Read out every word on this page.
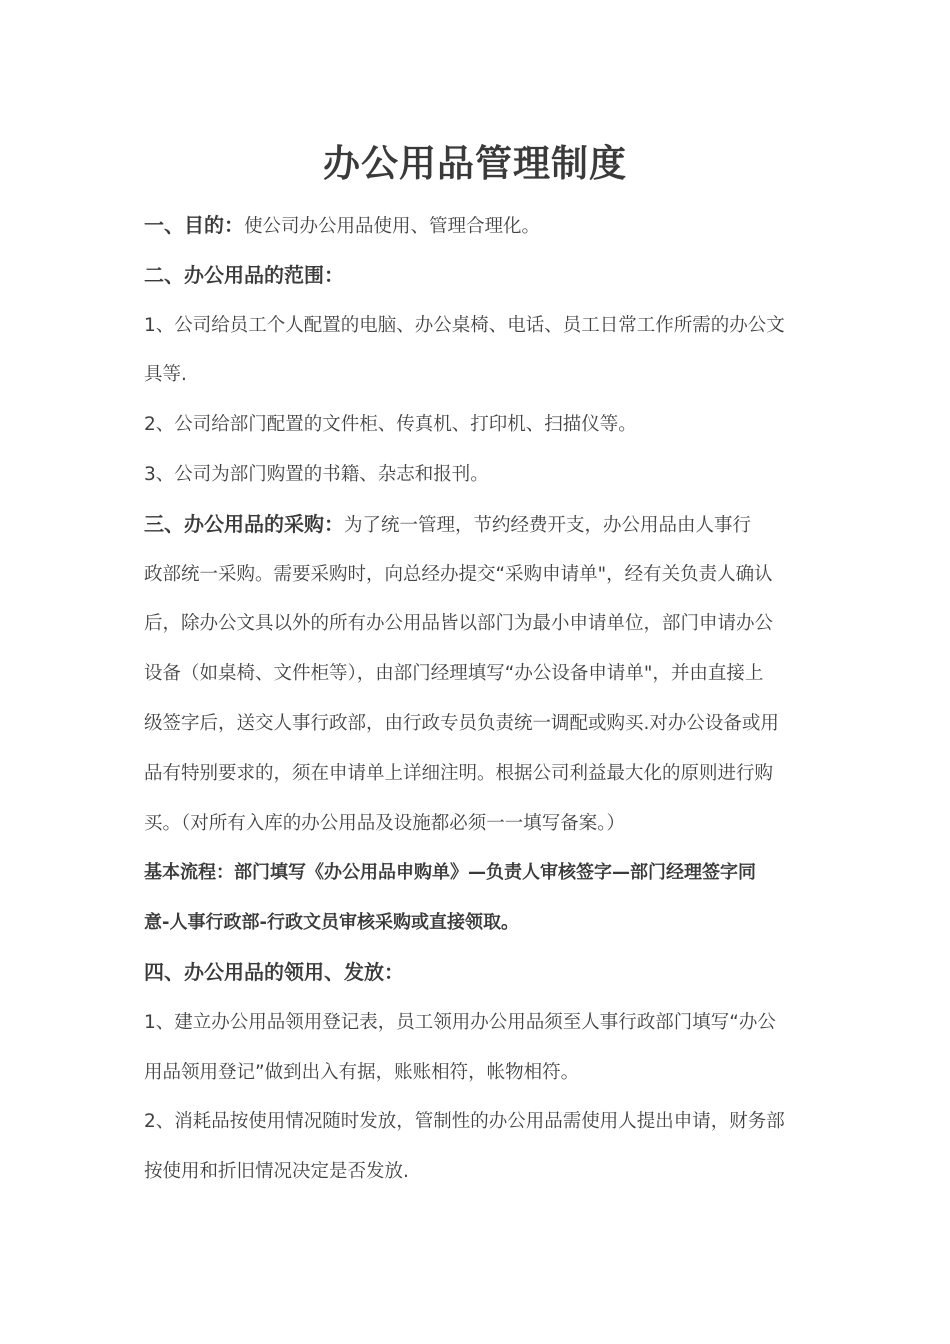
办公用品管理制度
一、目的：使公司办公用品使用、管理合理化。
二、办公用品的范围：
1、公司给员工个人配置的电脑、办公桌椅、电话、员工日常工作所需的办公文
具等.
2、公司给部门配置的文件柜、传真机、打印机、扫描仪等。
3、公司为部门购置的书籍、杂志和报刊。
三、办公用品的采购：为了统一管理，节约经费开支，办公用品由人事行
政部统一采购。需要采购时，向总经办提交“采购申请单"，经有关负责人确认
后，除办公文具以外的所有办公用品皆以部门为最小申请单位，部门申请办公
设备（如桌椅、文件柜等），由部门经理填写“办公设备申请单"，并由直接上
级签字后，送交人事行政部，由行政专员负责统一调配或购买.对办公设备或用
品有特别要求的，须在申请单上详细注明。根据公司利益最大化的原则进行购
买。（对所有入库的办公用品及设施都必须一一填写备案。）
基本流程：部门填写《办公用品申购单》—负责人审核签字—部门经理签字同
意-人事行政部-行政文员审核采购或直接领取。
四、办公用品的领用、发放：
1、建立办公用品领用登记表，员工领用办公用品须至人事行政部门填写“办公
用品领用登记”做到出入有据，账账相符，帐物相符。
2、消耗品按使用情况随时发放，管制性的办公用品需使用人提出申请，财务部
按使用和折旧情况决定是否发放.
